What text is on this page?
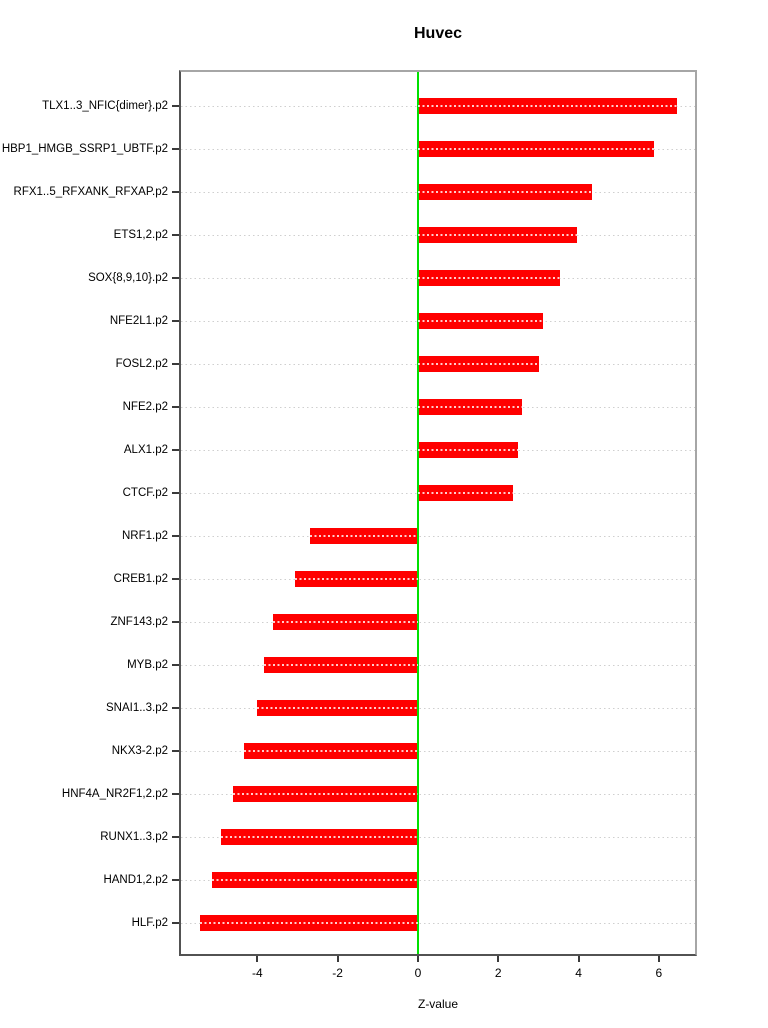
Huvec
TLX1..3_NFIC{dimer}.p2
HBP1_HMGB_SSRP1_UBTF.p2
RFX1..5_RFXANK_RFXAP.p2
ETS1,2.p2
SOX{8,9,10}.p2
NFE2L1.p2
FOSL2.p2
NFE2.p2
ALX1.p2
CTCF.p2
NRF1.p2
CREB1.p2
ZNF143.p2
MYB.p2
SNAI1..3.p2
NKX3-2.p2
HNF4A_NR2F1,2.p2
RUNX1..3.p2
HAND1,2.p2
HLF.p2
-4	-2	0	2	4	6
Z-value
